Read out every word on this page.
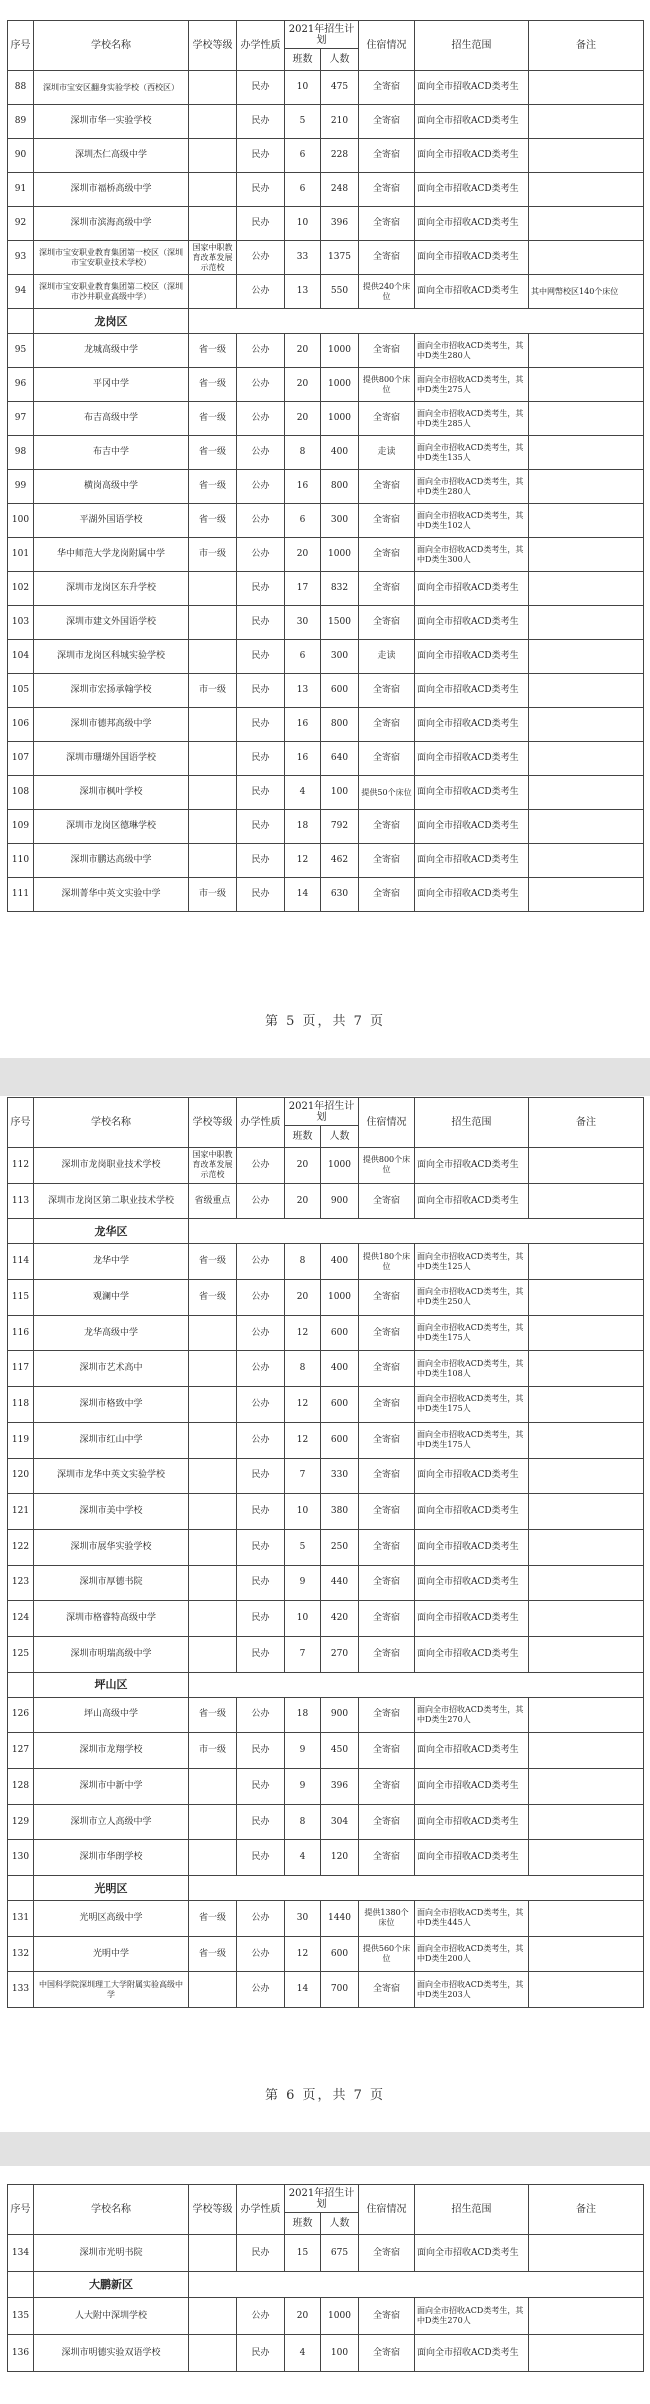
序号	学校名称	学校等级	办学性质	2021年招生计划		住宿情况	招生范围	备注
				班数	人数			
88	深圳市宝安区翻身实验学校（西校区）		民办	10	475	全寄宿	面向全市招收ACD类考生	
89	深圳市华一实验学校		民办	5	210	全寄宿	面向全市招收ACD类考生	
90	深圳杰仁高级中学		民办	6	228	全寄宿	面向全市招收ACD类考生	
91	深圳市福桥高级中学		民办	6	248	全寄宿	面向全市招收ACD类考生	
92	深圳市滨海高级中学		民办	10	396	全寄宿	面向全市招收ACD类考生	
93	深圳市宝安职业教育集团第一校区（深圳市宝安职业技术学校）	国家中职教育改革发展示范校	公办	33	1375	全寄宿	面向全市招收ACD类考生	
94	深圳市宝安职业教育集团第二校区（深圳市沙井职业高级中学）		公办	13	550	提供240个床位	面向全市招收ACD类考生	其中网幣校区140个床位
	龙岗区							
95	龙城高级中学	省一级	公办	20	1000	全寄宿	面向全市招收ACD类考生，其中D类生280人	
96	平冈中学	省一级	公办	20	1000	提供800个床位	面向全市招收ACD类考生，其中D类生275人	
97	布吉高级中学	省一级	公办	20	1000	全寄宿	面向全市招收ACD类考生，其中D类生285人	
98	布吉中学	省一级	公办	8	400	走读	面向全市招收ACD类考生，其中D类生135人	
99	横岗高级中学	省一级	公办	16	800	全寄宿	面向全市招收ACD类考生，其中D类生280人	
100	平湖外国语学校	省一级	公办	6	300	全寄宿	面向全市招收ACD类考生，其中D类生102人	
101	华中师范大学龙岗附属中学	市一级	公办	20	1000	全寄宿	面向全市招收ACD类考生，其中D类生300人	
102	深圳市龙岗区东升学校		民办	17	832	全寄宿	面向全市招收ACD类考生	
103	深圳市建文外国语学校		民办	30	1500	全寄宿	面向全市招收ACD类考生	
104	深圳市龙岗区科城实验学校		民办	6	300	走读	面向全市招收ACD类考生	
105	深圳市宏扬承翰学校	市一级	民办	13	600	全寄宿	面向全市招收ACD类考生	
106	深圳市德邦高级中学		民办	16	800	全寄宿	面向全市招收ACD类考生	
107	深圳市珊瑚外国语学校		民办	16	640	全寄宿	面向全市招收ACD类考生	
108	深圳市枫叶学校		民办	4	100	提供50个床位	面向全市招收ACD类考生	
109	深圳市龙岗区德琳学校		民办	18	792	全寄宿	面向全市招收ACD类考生	
110	深圳市鹏达高级中学		民办	12	462	全寄宿	面向全市招收ACD类考生	
111	深圳菁华中英文实验中学	市一级	民办	14	630	全寄宿	面向全市招收ACD类考生	
第 5 页，共 7 页
序号	学校名称	学校等级	办学性质	2021年招生计划		住宿情况	招生范围	备注
				班数	人数			
112	深圳市龙岗职业技术学校	国家中职教育改革发展示范校	公办	20	1000	提供800个床位	面向全市招收ACD类考生	
113	深圳市龙岗区第二职业技术学校	省级重点	公办	20	900	全寄宿	面向全市招收ACD类考生	
	龙华区							
114	龙华中学	省一级	公办	8	400	提供180个床位	面向全市招收ACD类考生，其中D类生125人	
115	观澜中学	省一级	公办	20	1000	全寄宿	面向全市招收ACD类考生，其中D类生250人	
116	龙华高级中学		公办	12	600	全寄宿	面向全市招收ACD类考生，其中D类生175人	
117	深圳市艺术高中		公办	8	400	全寄宿	面向全市招收ACD类考生，其中D类生108人	
118	深圳市格致中学		公办	12	600	全寄宿	面向全市招收ACD类考生，其中D类生175人	
119	深圳市红山中学		公办	12	600	全寄宿	面向全市招收ACD类考生，其中D类生175人	
120	深圳市龙华中英文实验学校		民办	7	330	全寄宿	面向全市招收ACD类考生	
121	深圳市美中学校		民办	10	380	全寄宿	面向全市招收ACD类考生	
122	深圳市展华实验学校		民办	5	250	全寄宿	面向全市招收ACD类考生	
123	深圳市厚德书院		民办	9	440	全寄宿	面向全市招收ACD类考生	
124	深圳市格睿特高级中学		民办	10	420	全寄宿	面向全市招收ACD类考生	
125	深圳市明瑞高级中学		民办	7	270	全寄宿	面向全市招收ACD类考生	
	坪山区							
126	坪山高级中学	省一级	公办	18	900	全寄宿	面向全市招收ACD类考生，其中D类生270人	
127	深圳市龙翔学校	市一级	民办	9	450	全寄宿	面向全市招收ACD类考生	
128	深圳市中新中学		民办	9	396	全寄宿	面向全市招收ACD类考生	
129	深圳市立人高级中学		民办	8	304	全寄宿	面向全市招收ACD类考生	
130	深圳市华朗学校		民办	4	120	全寄宿	面向全市招收ACD类考生	
	光明区							
131	光明区高级中学	省一级	公办	30	1440	提供1380个床位	面向全市招收ACD类考生，其中D类生445人	
132	光明中学	省一级	公办	12	600	提供560个床位	面向全市招收ACD类考生，其中D类生200人	
133	中国科学院深圳理工大学附属实验高级中学		公办	14	700	全寄宿	面向全市招收ACD类考生，其中D类生203人	
第 6 页，共 7 页
序号	学校名称	学校等级	办学性质	2021年招生计划		住宿情况	招生范围	备注
				班数	人数			
134	深圳市光明书院		民办	15	675	全寄宿	面向全市招收ACD类考生	
	大鹏新区							
135	人大附中深圳学校		公办	20	1000	全寄宿	面向全市招收ACD类考生，其中D类生270人	
136	深圳市明德实验双语学校		民办	4	100	全寄宿	面向全市招收ACD类考生	
